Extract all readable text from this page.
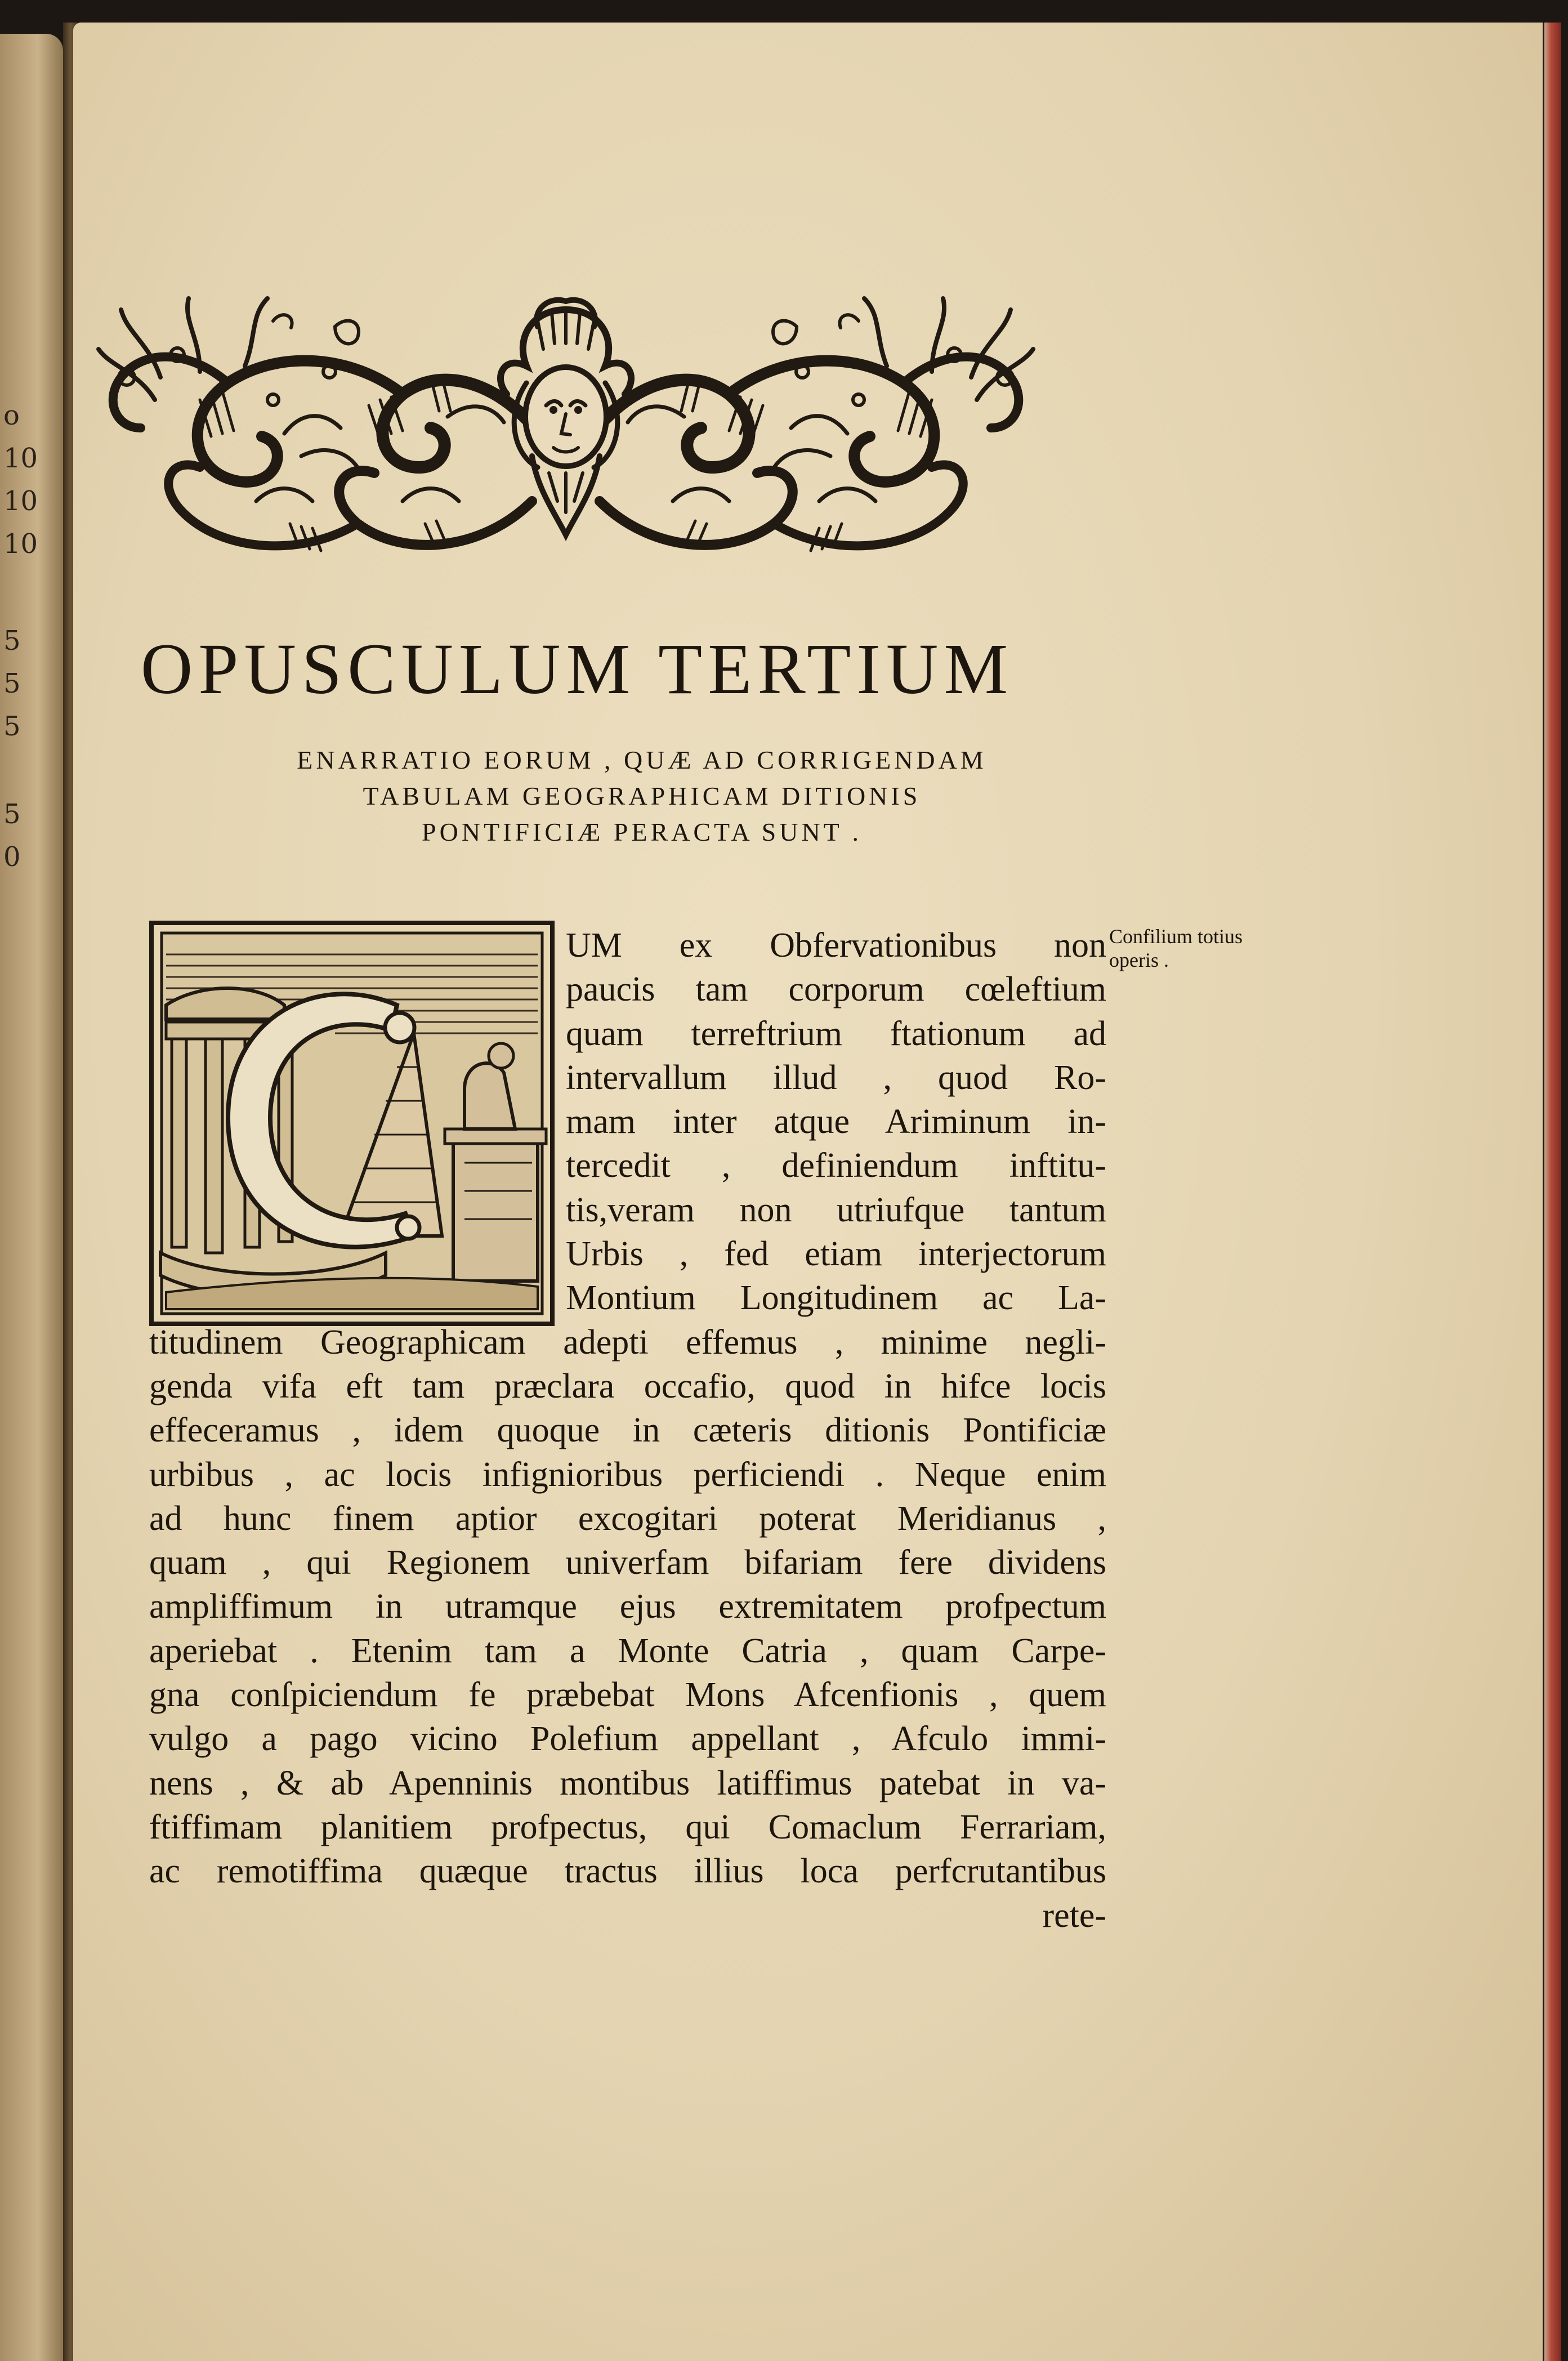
o
10
10
10
5
5
5
5
0
OPUSCULUM TERTIUM
ENARRATIO EORUM , QUÆ AD CORRIGENDAM
TABULAM GEOGRAPHICAM DITIONIS
PONTIFICIÆ PERACTA SUNT .
UM ex Obfervationibus non
paucis tam corporum cœleftium
quam terreftrium ftationum ad
intervallum illud , quod Ro-
mam inter atque Ariminum in-
tercedit , definiendum inftitu-
tis,veram non utriufque tantum
Urbis , fed etiam interjectorum
Montium Longitudinem ac La-
titudinem Geographicam adepti effemus , minime negli-
genda vifa eft tam præclara occafio, quod in hifce locis
effeceramus , idem quoque in cæteris ditionis Pontificiæ
urbibus , ac locis infignioribus perficiendi . Neque enim
ad hunc finem aptior excogitari poterat Meridianus ,
quam , qui Regionem univerfam bifariam fere dividens
ampliffimum in utramque ejus extremitatem profpectum
aperiebat . Etenim tam a Monte Catria , quam Carpe-
gna conſpiciendum fe præbebat Mons Afcenfionis , quem
vulgo a pago vicino Polefium appellant , Afculo immi-
nens , & ab Apenninis montibus latiffimus patebat in va-
ftiffimam planitiem profpectus, qui Comaclum Ferrariam,
ac remotiffima quæque tractus illius loca perfcrutantibus
rete-
Confilium totius
operis .
